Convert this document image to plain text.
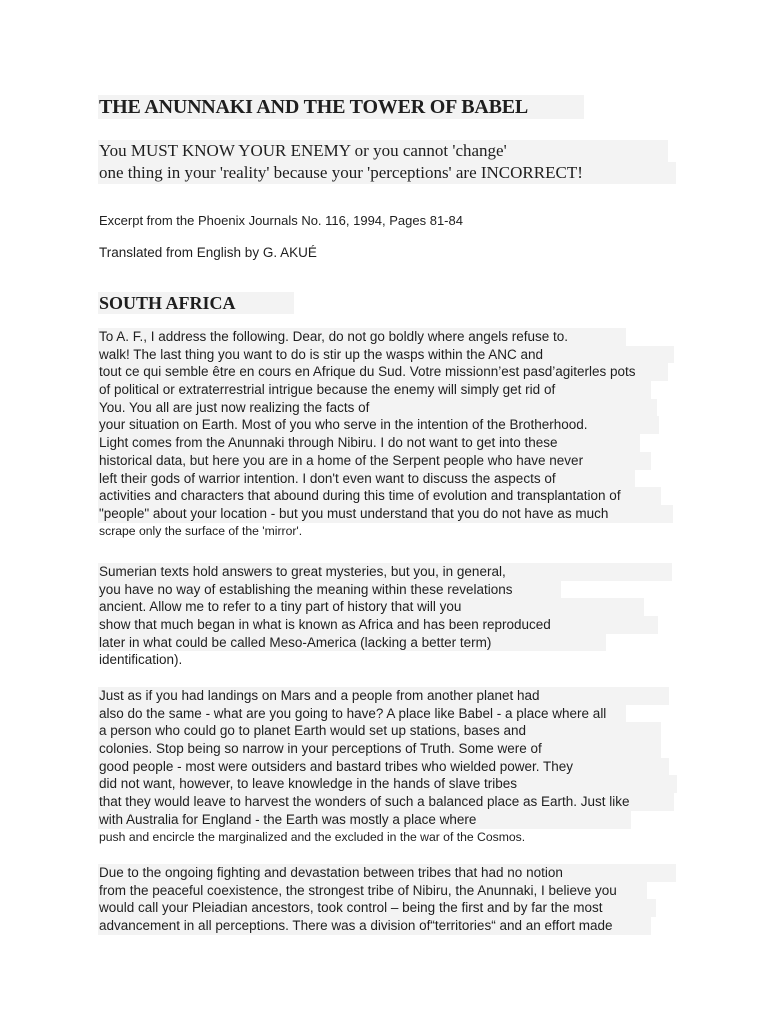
THE ANUNNAKI AND THE TOWER OF BABEL
You MUST KNOW YOUR ENEMY or you cannot 'change'
one thing in your 'reality' because your 'perceptions' are INCORRECT!
Excerpt from the Phoenix Journals No. 116, 1994, Pages 81-84
Translated from English by G. AKUÉ
SOUTH AFRICA
To A. F., I address the following. Dear, do not go boldly where angels refuse to.
walk! The last thing you want to do is stir up the wasps within the ANC and
tout ce qui semble être en cours en Afrique du Sud. Votre missionn’est pasd’agiterles pots
of political or extraterrestrial intrigue because the enemy will simply get rid of
You. You all are just now realizing the facts of
your situation on Earth. Most of you who serve in the intention of the Brotherhood.
Light comes from the Anunnaki through Nibiru. I do not want to get into these
historical data, but here you are in a home of the Serpent people who have never
left their gods of warrior intention. I don't even want to discuss the aspects of
activities and characters that abound during this time of evolution and transplantation of
"people" about your location - but you must understand that you do not have as much
scrape only the surface of the 'mirror'.
Sumerian texts hold answers to great mysteries, but you, in general,
you have no way of establishing the meaning within these revelations
ancient. Allow me to refer to a tiny part of history that will you
show that much began in what is known as Africa and has been reproduced
later in what could be called Meso-America (lacking a better term)
identification).
Just as if you had landings on Mars and a people from another planet had
also do the same - what are you going to have? A place like Babel - a place where all
a person who could go to planet Earth would set up stations, bases and
colonies. Stop being so narrow in your perceptions of Truth. Some were of
good people - most were outsiders and bastard tribes who wielded power. They
did not want, however, to leave knowledge in the hands of slave tribes
that they would leave to harvest the wonders of such a balanced place as Earth. Just like
with Australia for England - the Earth was mostly a place where
push and encircle the marginalized and the excluded in the war of the Cosmos.
Due to the ongoing fighting and devastation between tribes that had no notion
from the peaceful coexistence, the strongest tribe of Nibiru, the Anunnaki, I believe you
would call your Pleiadian ancestors, took control – being the first and by far the most
advancement in all perceptions. There was a division of“territories“ and an effort made
